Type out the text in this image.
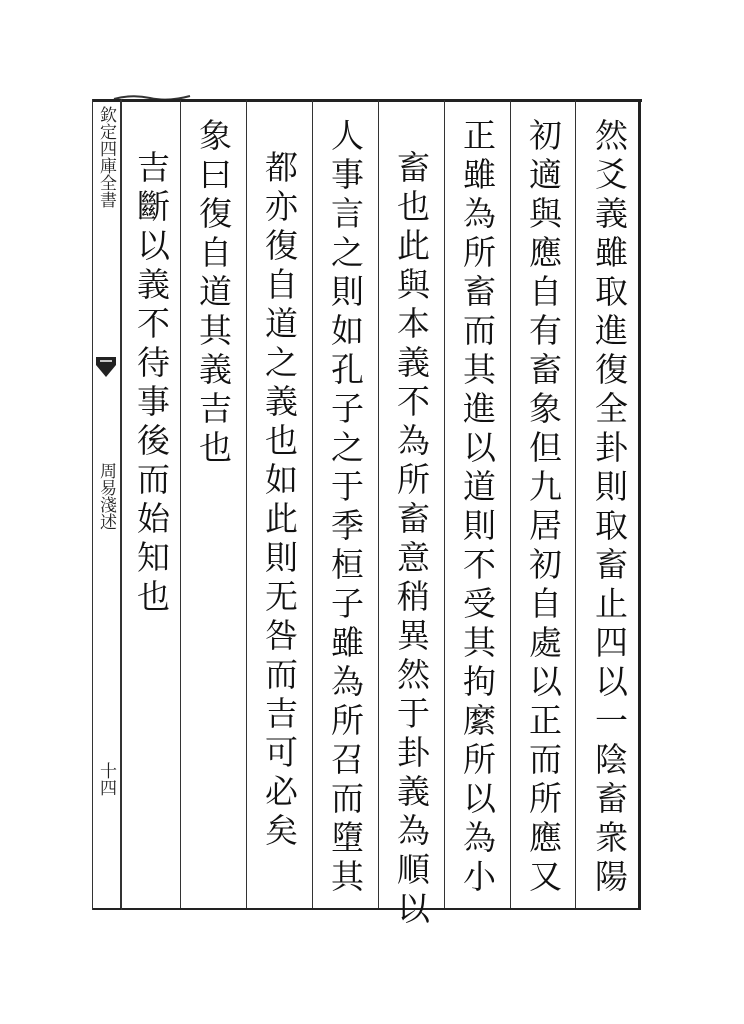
欽定四庫全書
周易淺述
十四	然爻義雖取進復全卦則取畜止四以一陰畜衆陽
初適與應自有畜象但九居初自處以正而所應又
正雖為所畜而其進以道則不受其拘縻所以為小
畜也此與本義不為所畜意稍異然于卦義為順以
人事言之則如孔子之于季桓子雖為所召而墮其
都亦復自道之義也如此則无咎而吉可必矣
象曰復自道其義吉也
吉斷以義不待事後而始知也
